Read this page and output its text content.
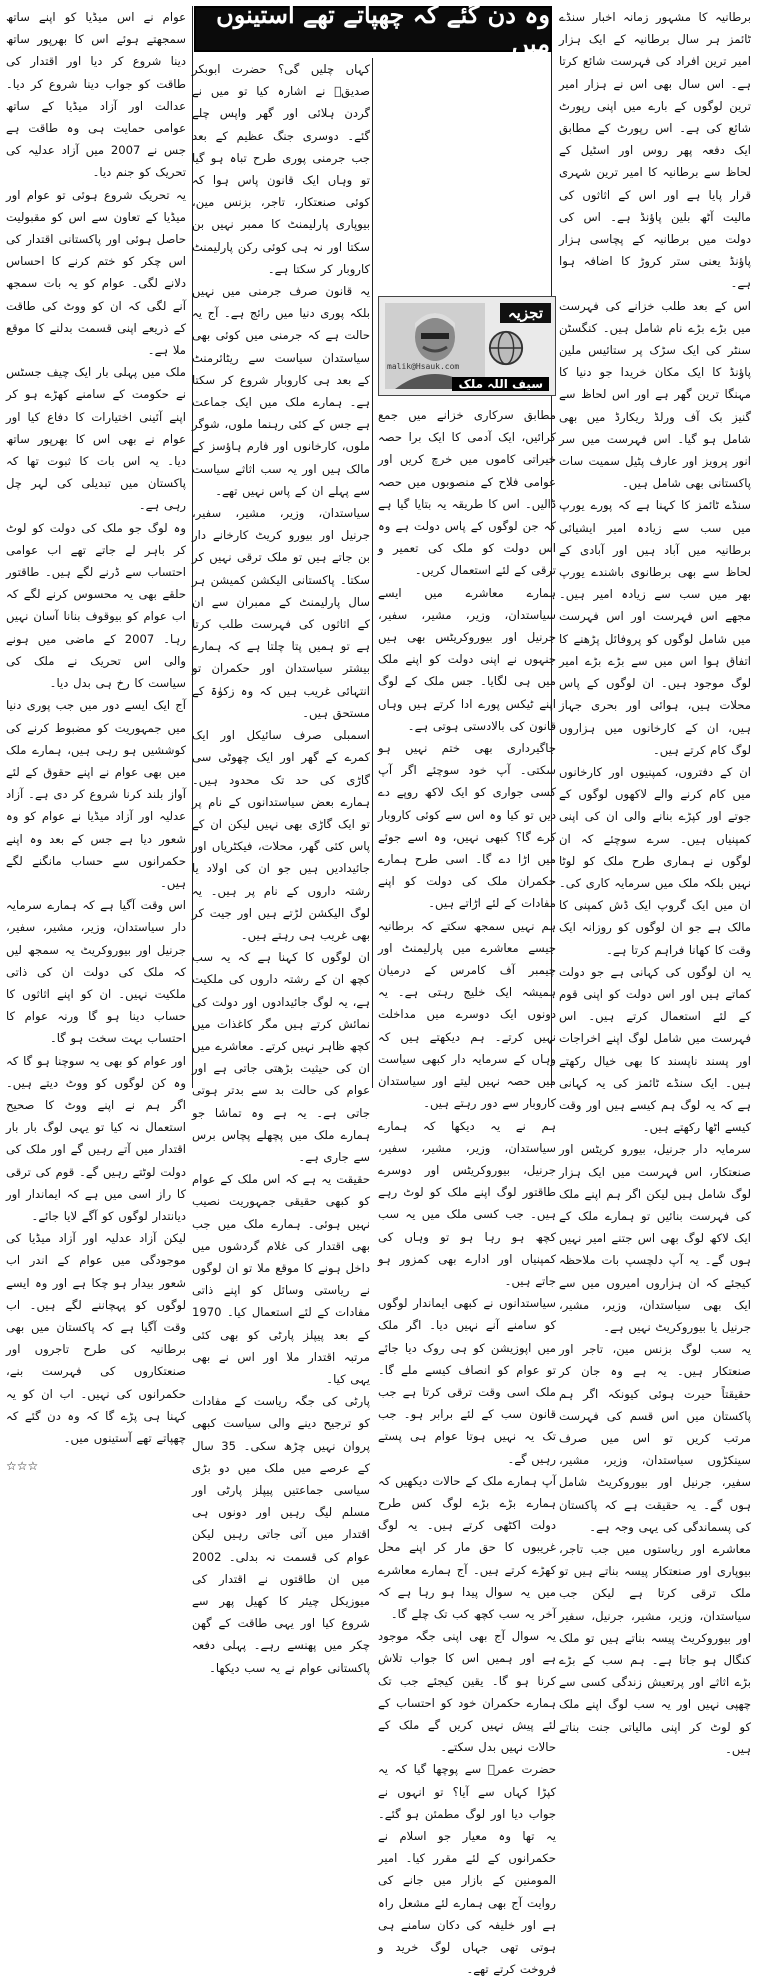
وہ دن گئے کہ چھپاتے تھے آستینوں میں

برطانیہ کا مشہور زمانہ اخبار سنڈے ٹائمز ہر سال برطانیہ کے ایک ہزار امیر ترین افراد کی فہرست شائع کرتا ہے۔ اس سال بھی اس نے ہزار امیر ترین لوگوں کے بارے میں اپنی رپورٹ شائع کی ہے۔ اس رپورٹ کے مطابق ایک دفعہ پھر روس اور اسٹیل کے لحاظ سے برطانیہ کا امیر ترین شہری قرار پایا ہے اور اس کے اثاثوں کی مالیت آٹھ بلین پاؤنڈ ہے۔ اس کی دولت میں برطانیہ کے پچاسی ہزار پاؤنڈ یعنی ستر کروڑ کا اضافہ ہوا ہے۔

اس کے بعد طلب خزانے کی فہرست میں بڑے بڑے نام شامل ہیں۔ کنگسٹن سنٹر کی ایک سڑک پر ستائیس ملین پاؤنڈ کا ایک مکان خریدا جو دنیا کا مہنگا ترین گھر ہے اور اس لحاظ سے گنیز بک آف ورلڈ ریکارڈ میں بھی شامل ہو گیا۔ اس فہرست میں سر انور پرویز اور عارف پٹیل سمیت سات پاکستانی بھی شامل ہیں۔

سنڈے ٹائمز کا کہنا ہے کہ پورے یورپ میں سب سے زیادہ امیر ایشیائی برطانیہ میں آباد ہیں اور آبادی کے لحاظ سے بھی برطانوی باشندے یورپ بھر میں سب سے زیادہ امیر ہیں۔ مجھے اس فہرست اور اس فہرست میں شامل لوگوں کو پروفائل پڑھنے کا اتفاق ہوا اس میں سے بڑے بڑے امیر لوگ موجود ہیں۔ ان لوگوں کے پاس محلات ہیں، ہوائی اور بحری جہاز ہیں، ان کے کارخانوں میں ہزاروں لوگ کام کرتے ہیں۔

ان کے دفتروں، کمپنیوں اور کارخانوں میں کام کرنے والے لاکھوں لوگوں کے جوتے اور کپڑے بنانے والی ان کی اپنی کمپنیاں ہیں۔ سرے سوچئے کہ ان لوگوں نے ہماری طرح ملک کو لوٹا نہیں بلکہ ملک میں سرمایہ کاری کی۔ ان میں ایک گروپ ایک ڈش کمپنی کا مالک ہے جو ان لوگوں کو روزانہ ایک وقت کا کھانا فراہم کرتا ہے۔

یہ ان لوگوں کی کہانی ہے جو دولت کماتے ہیں اور اس دولت کو اپنی قوم کے لئے استعمال کرتے ہیں۔ اس فہرست میں شامل لوگ اپنے اخراجات اور پسند ناپسند کا بھی خیال رکھتے ہیں۔ ایک سنڈے ٹائمز کی یہ کہانی ہے کہ یہ لوگ ہم کیسے ہیں اور وقت کیسے اٹھا رکھتے ہیں۔

سرمایہ دار جرنیل، بیورو کریٹس اور صنعتکار، اس فہرست میں ایک ہزار لوگ شامل ہیں لیکن اگر ہم اپنے ملک کی فہرست بنائیں تو ہمارے ملک کے ایک لاکھ لوگ بھی اس جتنے امیر نہیں ہوں گے۔ یہ آپ دلچسپ بات ملاحظہ کیجئے کہ ان ہزاروں امیروں میں سے ایک بھی سیاستدان، وزیر، مشیر، جرنیل یا بیوروکریٹ نہیں ہے۔

یہ سب لوگ بزنس مین، تاجر اور صنعتکار ہیں۔ یہ ہے وہ جان کر حقیقتاً حیرت ہوئی کیونکہ اگر ہم پاکستان میں اس قسم کی فہرست مرتب کریں تو اس میں صرف سینکڑوں سیاستدان، وزیر، مشیر، سفیر، جرنیل اور بیوروکریٹ شامل ہوں گے۔ یہ حقیقت ہے کہ پاکستان کی پسماندگی کی یہی وجہ ہے۔

معاشرے اور ریاستوں میں جب تاجر، بیوپاری اور صنعتکار پیسہ بناتے ہیں تو ملک ترقی کرتا ہے لیکن جب سیاستدان، وزیر، مشیر، جرنیل، سفیر اور بیوروکریٹ پیسہ بناتے ہیں تو ملک کنگال ہو جاتا ہے۔ ہم سب کے بڑے بڑے اثاثے اور پرتعیش زندگی کسی سے چھپی نہیں اور یہ سب لوگ اپنے ملک کو لوٹ کر اپنی مالیاتی جنت بناتے ہیں۔

مطابق سرکاری خزانے میں جمع کرائیں، ایک آدمی کا ایک برا حصہ خیراتی کاموں میں خرچ کریں اور عوامی فلاح کے منصوبوں میں حصہ ڈالیں۔ اس کا طریقہ یہ بتایا گیا ہے کہ جن لوگوں کے پاس دولت ہے وہ اس دولت کو ملک کی تعمیر و ترقی کے لئے استعمال کریں۔

ہمارے معاشرے میں ایسے سیاستدان، وزیر، مشیر، سفیر، جرنیل اور بیوروکریٹس بھی ہیں جنہوں نے اپنی دولت کو اپنے ملک میں ہی لگایا۔ جس ملک کے لوگ اپنے ٹیکس پورے ادا کرتے ہیں وہاں قانون کی بالادستی ہوتی ہے۔

جاگیرداری بھی ختم نہیں ہو سکتی۔ آپ خود سوچئے اگر آپ کسی جواری کو ایک لاکھ روپے دے دیں تو کیا وہ اس سے کوئی کاروبار کرے گا؟ کبھی نہیں، وہ اسے جوئے میں اڑا دے گا۔ اسی طرح ہمارے حکمران ملک کی دولت کو اپنے مفادات کے لئے اڑاتے ہیں۔

ہم نہیں سمجھ سکتے کہ برطانیہ جیسے معاشرے میں پارلیمنٹ اور چیمبر آف کامرس کے درمیان ہمیشہ ایک خلیج رہتی ہے۔ یہ دونوں ایک دوسرے میں مداخلت نہیں کرتے۔ ہم دیکھتے ہیں کہ وہاں کے سرمایہ دار کبھی سیاست میں حصہ نہیں لیتے اور سیاستدان کاروبار سے دور رہتے ہیں۔

ہم نے یہ دیکھا کہ ہمارے سیاستدان، وزیر، مشیر، سفیر، جرنیل، بیوروکریٹس اور دوسرے طاقتور لوگ اپنے ملک کو لوٹ رہے ہیں۔ جب کسی ملک میں یہ سب کچھ ہو رہا ہو تو وہاں کی کمپنیاں اور ادارے بھی کمزور ہو جاتے ہیں۔

سیاستدانوں نے کبھی ایماندار لوگوں کو سامنے آنے نہیں دیا۔ اگر ملک میں اپوزیشن کو ہی روک دیا جائے تو عوام کو انصاف کیسے ملے گا۔ ملک اسی وقت ترقی کرتا ہے جب قانون سب کے لئے برابر ہو۔ جب تک یہ نہیں ہوتا عوام ہی پستے رہیں گے۔

آپ ہمارے ملک کے حالات دیکھیں کہ ہمارے بڑے بڑے لوگ کس طرح دولت اکٹھی کرتے ہیں۔ یہ لوگ غریبوں کا حق مار کر اپنے محل کھڑے کرتے ہیں۔ آج ہمارے معاشرے میں یہ سوال پیدا ہو رہا ہے کہ آخر یہ سب کچھ کب تک چلے گا۔

یہ سوال آج بھی اپنی جگہ موجود ہے اور ہمیں اس کا جواب تلاش کرنا ہو گا۔ یقین کیجئے جب تک ہمارے حکمران خود کو احتساب کے لئے پیش نہیں کریں گے ملک کے حالات نہیں بدل سکتے۔

حضرت عمرؓ سے پوچھا گیا کہ یہ کپڑا کہاں سے آیا؟ تو انہوں نے جواب دیا اور لوگ مطمئن ہو گئے۔ یہ تھا وہ معیار جو اسلام نے حکمرانوں کے لئے مقرر کیا۔ امیر المومنین کے بازار میں جانے کی روایت آج بھی ہمارے لئے مشعل راہ ہے اور خلیفہ کی دکان سامنے ہی ہوتی تھی جہاں لوگ خرید و فروخت کرتے تھے۔

تجزیہ
malik@Hsauk.com
سیف اللہ ملک

کہاں چلیں گی؟ حضرت ابوبکر صدیقؓ نے اشارہ کیا تو میں نے گردن ہلائی اور گھر واپس چلے گئے۔ دوسری جنگ عظیم کے بعد جب جرمنی پوری طرح تباہ ہو گیا تو وہاں ایک قانون پاس ہوا کہ کوئی صنعتکار، تاجر، بزنس مین، بیوپاری پارلیمنٹ کا ممبر نہیں بن سکتا اور نہ ہی کوئی رکن پارلیمنٹ کاروبار کر سکتا ہے۔

یہ قانون صرف جرمنی میں نہیں بلکہ پوری دنیا میں رائج ہے۔ آج یہ حالت ہے کہ جرمنی میں کوئی بھی سیاستدان سیاست سے ریٹائرمنٹ کے بعد ہی کاروبار شروع کر سکتا ہے۔ ہمارے ملک میں ایک جماعت ہے جس کے کئی رہنما ملوں، شوگر ملوں، کارخانوں اور فارم ہاؤسز کے مالک ہیں اور یہ سب اثاثے سیاست سے پہلے ان کے پاس نہیں تھے۔

سیاستدان، وزیر، مشیر، سفیر، جرنیل اور بیورو کریٹ کارخانے دار بن جاتے ہیں تو ملک ترقی نہیں کر سکتا۔ پاکستانی الیکشن کمیشن ہر سال پارلیمنٹ کے ممبران سے ان کے اثاثوں کی فہرست طلب کرتا ہے تو ہمیں پتا چلتا ہے کہ ہمارے بیشتر سیاستدان اور حکمران تو انتہائی غریب ہیں کہ وہ زکوٰۃ کے مستحق ہیں۔

اسمبلی صرف سائیکل اور ایک کمرے کے گھر اور ایک چھوٹی سی گاڑی کی حد تک محدود ہیں۔ ہمارے بعض سیاستدانوں کے نام پر تو ایک گاڑی بھی نہیں لیکن ان کے پاس کئی گھر، محلات، فیکٹریاں اور جائیدادیں ہیں جو ان کی اولاد یا رشتہ داروں کے نام پر ہیں۔ یہ لوگ الیکشن لڑتے ہیں اور جیت کر بھی غریب ہی رہتے ہیں۔

ان لوگوں کا کہنا ہے کہ یہ سب کچھ ان کے رشتہ داروں کی ملکیت ہے، یہ لوگ جائیدادوں اور دولت کی نمائش کرتے ہیں مگر کاغذات میں کچھ ظاہر نہیں کرتے۔ معاشرے میں ان کی حیثیت بڑھتی جاتی ہے اور عوام کی حالت بد سے بدتر ہوتی جاتی ہے۔ یہ ہے وہ تماشا جو ہمارے ملک میں پچھلے پچاس برس سے جاری ہے۔

حقیقت یہ ہے کہ اس ملک کے عوام کو کبھی حقیقی جمہوریت نصیب نہیں ہوئی۔ ہمارے ملک میں جب بھی اقتدار کی غلام گردشوں میں داخل ہونے کا موقع ملا تو ان لوگوں نے ریاستی وسائل کو اپنے ذاتی مفادات کے لئے استعمال کیا۔ 1970 کے بعد پیپلز پارٹی کو بھی کئی مرتبہ اقتدار ملا اور اس نے بھی یہی کیا۔

پارٹی کی جگہ ریاست کے مفادات کو ترجیح دینے والی سیاست کبھی پروان نہیں چڑھ سکی۔ 35 سال کے عرصے میں ملک میں دو بڑی سیاسی جماعتیں پیپلز پارٹی اور مسلم لیگ رہیں اور دونوں ہی اقتدار میں آتی جاتی رہیں لیکن عوام کی قسمت نہ بدلی۔ 2002 میں ان طاقتوں نے اقتدار کی میوزیکل چیئر کا کھیل پھر سے شروع کیا اور یہی طاقت کے گھن چکر میں پھنسے رہے۔ پہلی دفعہ پاکستانی عوام نے یہ سب دیکھا۔

عوام نے اس میڈیا کو اپنے ساتھ سمجھتے ہوئے اس کا بھرپور ساتھ دینا شروع کر دیا اور اقتدار کی طاقت کو جواب دینا شروع کر دیا۔ عدالت اور آزاد میڈیا کے ساتھ عوامی حمایت ہی وہ طاقت ہے جس نے 2007 میں آزاد عدلیہ کی تحریک کو جنم دیا۔

یہ تحریک شروع ہوئی تو عوام اور میڈیا کے تعاون سے اس کو مقبولیت حاصل ہوئی اور پاکستانی اقتدار کی اس چکر کو ختم کرنے کا احساس دلانے لگی۔ عوام کو یہ بات سمجھ آنے لگی کہ ان کو ووٹ کی طاقت کے ذریعے اپنی قسمت بدلنے کا موقع ملا ہے۔

ملک میں پہلی بار ایک چیف جسٹس نے حکومت کے سامنے کھڑے ہو کر اپنے آئینی اختیارات کا دفاع کیا اور عوام نے بھی اس کا بھرپور ساتھ دیا۔ یہ اس بات کا ثبوت تھا کہ پاکستان میں تبدیلی کی لہر چل رہی ہے۔

وہ لوگ جو ملک کی دولت کو لوٹ کر باہر لے جاتے تھے اب عوامی احتساب سے ڈرنے لگے ہیں۔ طاقتور حلقے بھی یہ محسوس کرنے لگے کہ اب عوام کو بیوقوف بنانا آسان نہیں رہا۔ 2007 کے ماضی میں ہونے والی اس تحریک نے ملک کی سیاست کا رخ ہی بدل دیا۔

آج ایک ایسے دور میں جب پوری دنیا میں جمہوریت کو مضبوط کرنے کی کوششیں ہو رہی ہیں، ہمارے ملک میں بھی عوام نے اپنے حقوق کے لئے آواز بلند کرنا شروع کر دی ہے۔ آزاد عدلیہ اور آزاد میڈیا نے عوام کو وہ شعور دیا ہے جس کے بعد وہ اپنے حکمرانوں سے حساب مانگنے لگے ہیں۔

اس وقت آگیا ہے کہ ہمارے سرمایہ دار سیاستدان، وزیر، مشیر، سفیر، جرنیل اور بیوروکریٹ یہ سمجھ لیں کہ ملک کی دولت ان کی ذاتی ملکیت نہیں۔ ان کو اپنے اثاثوں کا حساب دینا ہو گا ورنہ عوام کا احتساب بہت سخت ہو گا۔

اور عوام کو بھی یہ سوچنا ہو گا کہ وہ کن لوگوں کو ووٹ دیتے ہیں۔ اگر ہم نے اپنے ووٹ کا صحیح استعمال نہ کیا تو یہی لوگ بار بار اقتدار میں آتے رہیں گے اور ملک کی دولت لوٹتے رہیں گے۔ قوم کی ترقی کا راز اسی میں ہے کہ ایماندار اور دیانتدار لوگوں کو آگے لایا جائے۔

لیکن آزاد عدلیہ اور آزاد میڈیا کی موجودگی میں عوام کے اندر اب شعور بیدار ہو چکا ہے اور وہ ایسے لوگوں کو پہچاننے لگے ہیں۔ اب وقت آگیا ہے کہ پاکستان میں بھی برطانیہ کی طرح تاجروں اور صنعتکاروں کی فہرست بنے، حکمرانوں کی نہیں۔ اب ان کو یہ کہنا ہی پڑے گا کہ وہ دن گئے کہ چھپاتے تھے آستینوں میں۔

☆☆☆
